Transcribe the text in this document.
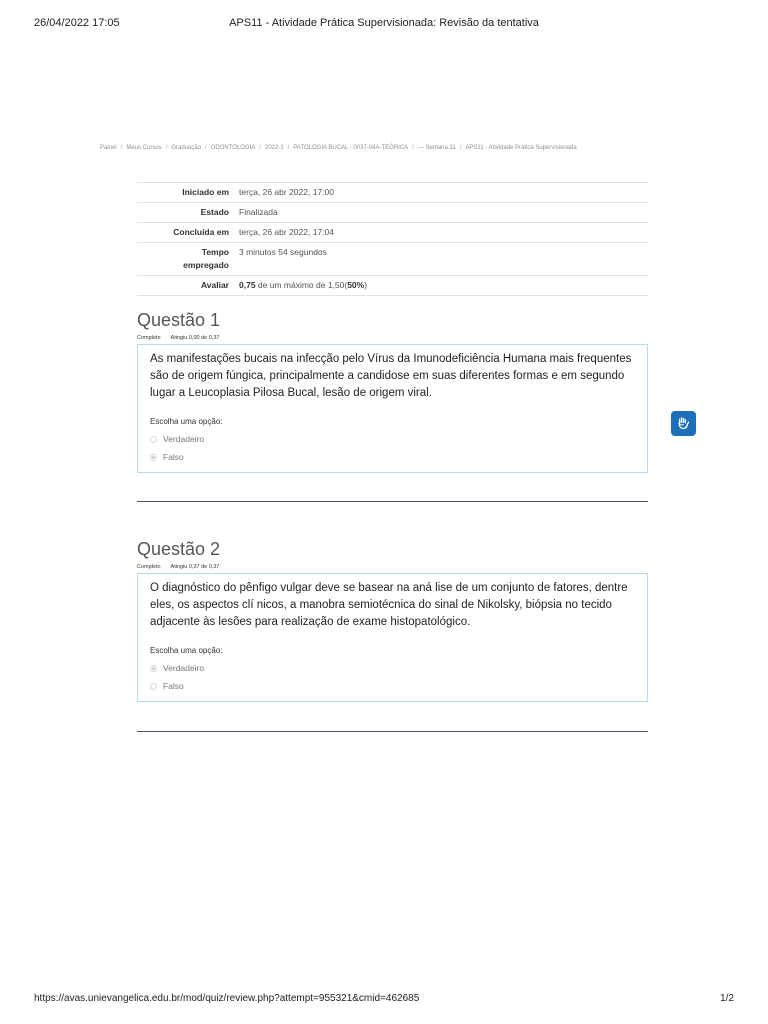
26/04/2022 17:05	APS11 - Atividade Prática Supervisionada: Revisão da tentativa
Painel / Meus Cursos / Graduação / ODONTOLOGIA / 2022-1 / PATOLOGIA BUCAL - 0037-04A-TEÓRICA / --- Semana 11 / APS11 - Atividade Prática Supervisionada
Iniciado em	terça, 26 abr 2022, 17:00
Estado	Finalizada
Concluída em	terça, 26 abr 2022, 17:04
Tempo
empregado	3 minutos 54 segundos
Avaliar	0,75 de um máximo de 1,50(50%)
Questão 1
Completo Atingiu 0,00 de 0,37

As manifestações bucais na infecção pelo Vírus da Imunodeficiência Humana mais frequentes são de origem fúngica, principalmente a candidose em suas diferentes formas e em segundo lugar a Leucoplasia Pilosa Bucal, lesão de origem viral.

Escolha uma opção:
Verdadeiro
Falso
Questão 2
Completo Atingiu 0,37 de 0,37

O diagnóstico do pênfigo vulgar deve se basear na aná lise de um conjunto de fatores, dentre eles, os aspectos clí nicos, a manobra semiotécnica do sinal de Nikolsky, biópsia no tecido adjacente às lesões para realização de exame histopatológico.

Escolha uma opção:
Verdadeiro
Falso
https://avas.unievangelica.edu.br/mod/quiz/review.php?attempt=955321&cmid=462685	1/2
